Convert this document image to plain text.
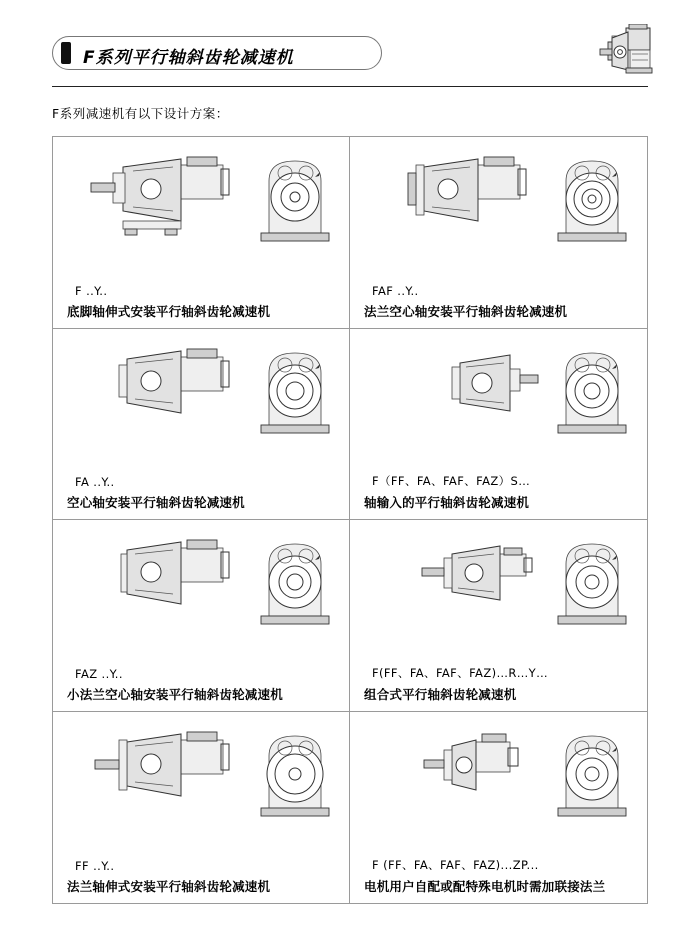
F系列平行轴斜齿轮减速机
F系列减速机有以下设计方案：
F ..Y..
底脚轴伸式安装平行轴斜齿轮减速机
FAF ..Y..
法兰空心轴安装平行轴斜齿轮减速机
FA ..Y..
空心轴安装平行轴斜齿轮减速机
F（FF、FA、FAF、FAZ）S…
轴输入的平行轴斜齿轮减速机
FAZ ..Y..
小法兰空心轴安装平行轴斜齿轮减速机
F(FF、FA、FAF、FAZ)…R…Y…
组合式平行轴斜齿轮减速机
FF ..Y..
法兰轴伸式安装平行轴斜齿轮减速机
F (FF、FA、FAF、FAZ)...ZP...
电机用户自配或配特殊电机时需加联接法兰
